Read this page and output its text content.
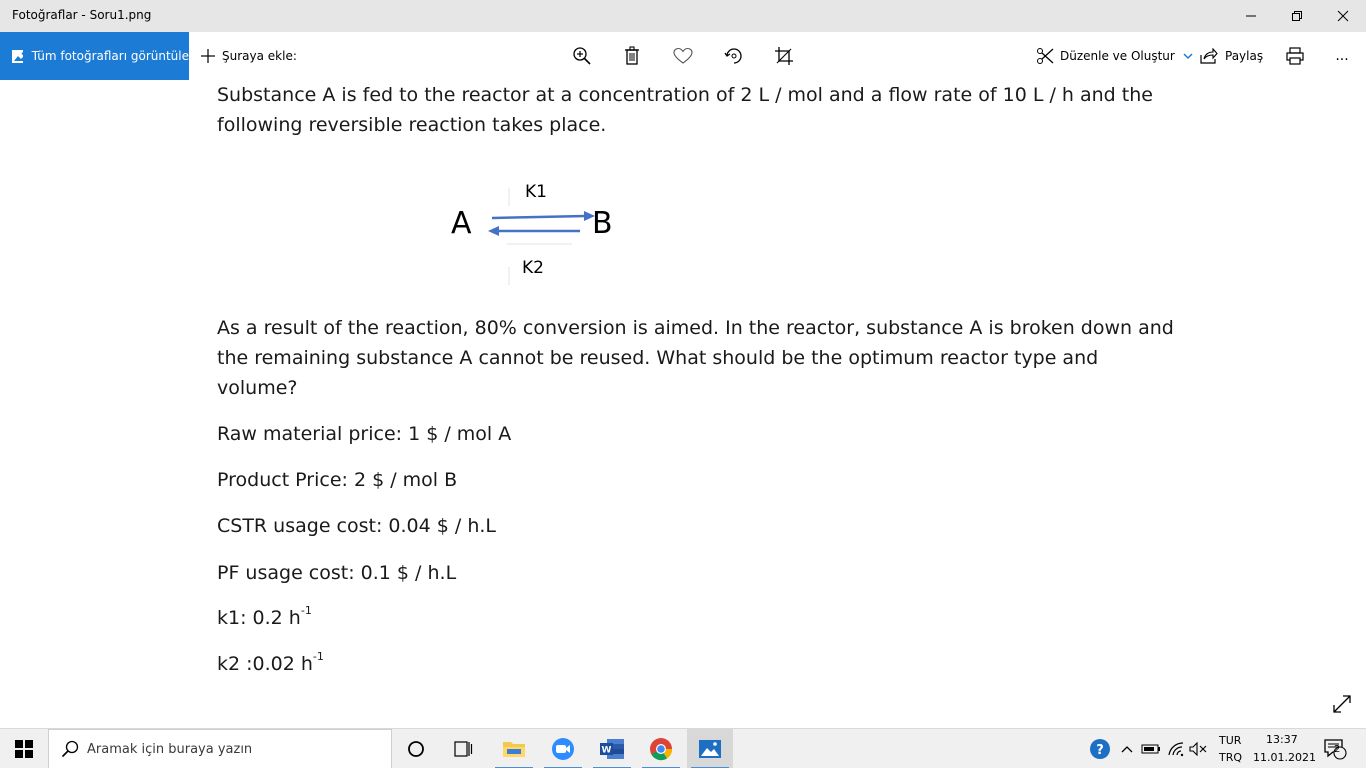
Fotoğraflar - Soru1.png
Tüm fotoğrafları görüntüle	Şuraya ekle:	Düzenle ve Oluştur	Paylaş	...
Substance A is fed to the reactor at a concentration of 2 L / mol and a flow rate of 10 L / h and the
following reversible reaction takes place.
A	B
K1
K2
As a result of the reaction, 80% conversion is aimed. In the reactor, substance A is broken down and
the remaining substance A cannot be reused. What should be the optimum reactor type and
volume?
Raw material price: 1 $ / mol A
Product Price: 2 $ / mol B
CSTR usage cost: 0.04 $ / h.L
PF usage cost: 0.1 $ / h.L
k1: 0.2 $h^{-1}$
k2 :0.02 $h^{-1}$
Aramak için buraya yazın	W	?
TUR
TRQ
13:37
11.01.2021
2
